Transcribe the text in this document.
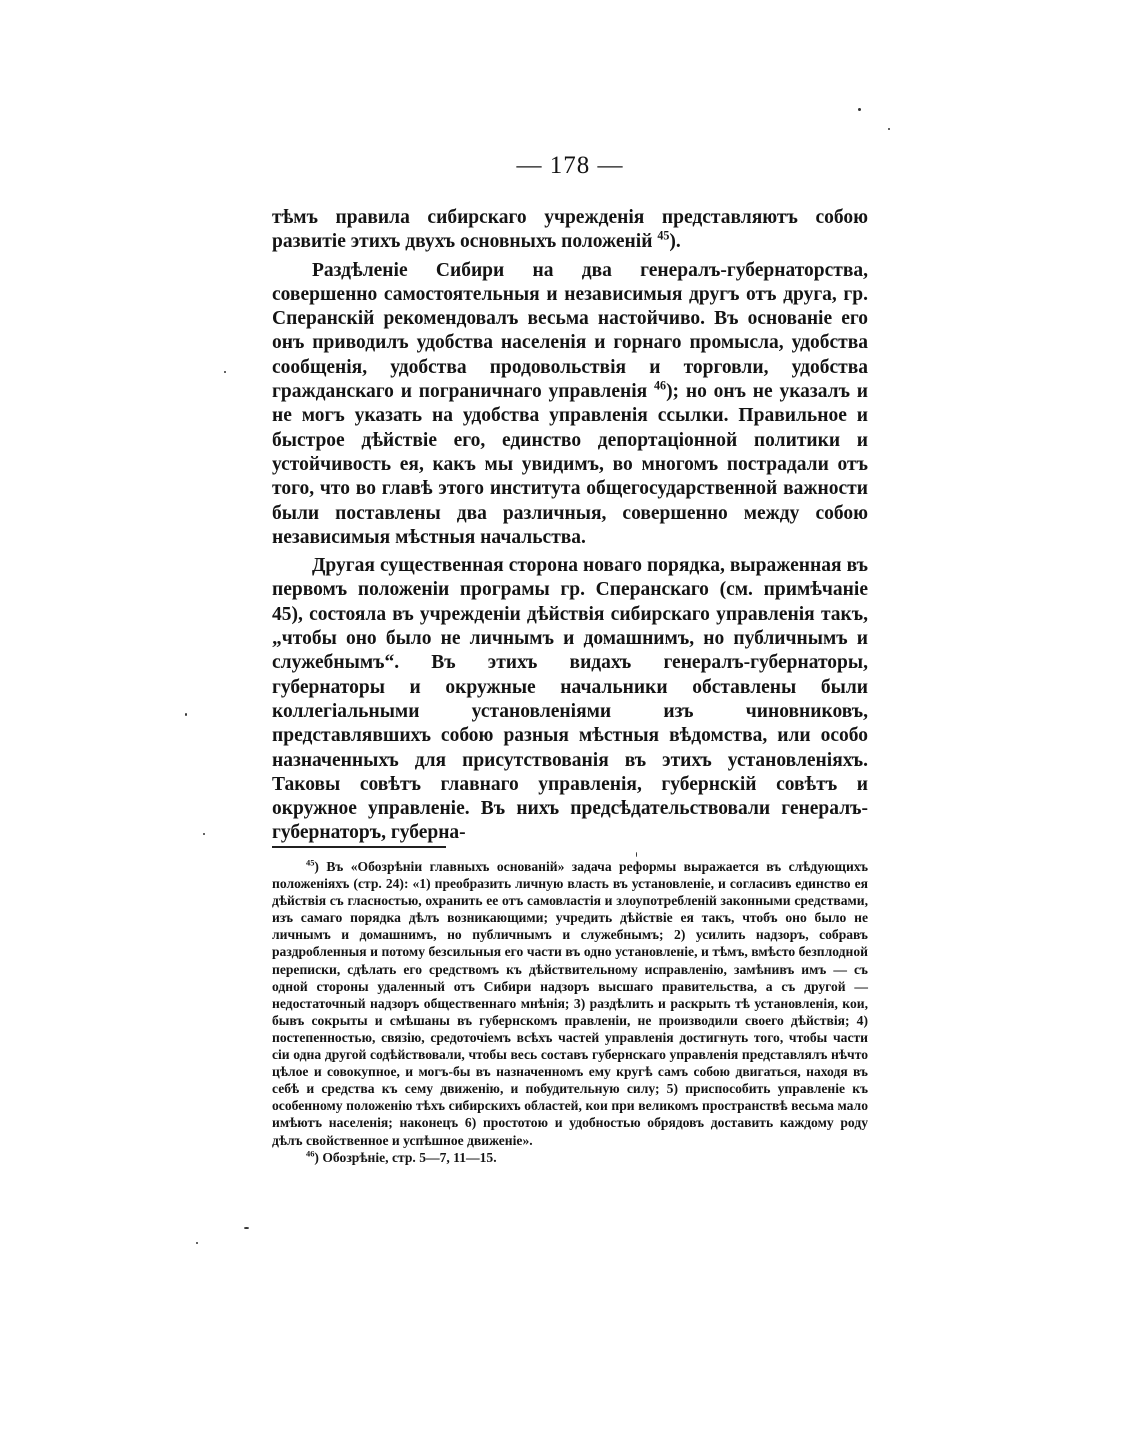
— 178 —

тѣмъ правила сибирскаго учрежденія представляютъ собою развитіе этихъ двухъ основныхъ положеній $^{45}$).

Раздѣленіе Сибири на два генералъ-губернаторства, совершенно самостоятельныя и независимыя другъ отъ друга, гр. Сперанскій рекомендовалъ весьма настойчиво. Въ основаніе его онъ приводилъ удобства населенія и горнаго промысла, удобства сообщенія, удобства продовольствія и торговли, удобства гражданскаго и пограничнаго управленія $^{46}$); но онъ не указалъ и не могъ указать на удобства управленія ссылки. Правильное и быстрое дѣйствіе его, единство депортаціонной политики и устойчивость ея, какъ мы увидимъ, во многомъ пострадали отъ того, что во главѣ этого института общегосударственной важности были поставлены два различныя, совершенно между собою независимыя мѣстныя начальства.

Другая существенная сторона новаго порядка, выраженная въ первомъ положеніи програмы гр. Сперанскаго (см. примѣчаніе 45), состояла въ учрежденіи дѣйствія сибирскаго управленія такъ, „чтобы оно было не личнымъ и домашнимъ, но публичнымъ и служебнымъ“. Въ этихъ видахъ генералъ-губернаторы, губернаторы и окружные начальники обставлены были коллегіальными установленіями изъ чиновниковъ, представлявшихъ собою разныя мѣстныя вѣдомства, или особо назначенныхъ для присутствованія въ этихъ установленіяхъ. Таковы совѣтъ главнаго управленія, губернскій совѣтъ и окружное управленіе. Въ нихъ предсѣдательствовали генералъ-губернаторъ, губерна-

$^{45}$) Въ «Обозрѣніи главныхъ основаній» задача реформы выражается въ слѣдующихъ положеніяхъ (стр. 24): «1) преобразить личную власть въ установленіе, и согласивъ единство ея дѣйствія съ гласностью, охранить ее отъ самовластія и злоупотребленій законными средствами, изъ самаго порядка дѣлъ возникающими; учредить дѣйствіе ея такъ, чтобъ оно было не личнымъ и домашнимъ, но публичнымъ и служебнымъ; 2) усилить надзоръ, собравъ раздробленныя и потому безсильныя его части въ одно установленіе, и тѣмъ, вмѣсто безплодной переписки, сдѣлать его средствомъ къ дѣйствительному исправленію, замѣнивъ имъ — съ одной стороны удаленный отъ Сибири надзоръ высшаго правительства, а съ другой — недостаточный надзоръ общественнаго мнѣнія; 3) раздѣлить и раскрыть тѣ установленія, кои, бывъ сокрыты и смѣшаны въ губернскомъ правленіи, не производили своего дѣйствія; 4) постепенностью, связію, средоточіемъ всѣхъ частей управленія достигнуть того, чтобы части сіи одна другой содѣйствовали, чтобы весь составъ губернскаго управленія представлялъ нѣчто цѣлое и совокупное, и могъ-бы въ назначенномъ ему кругѣ самъ собою двигаться, находя въ себѣ и средства къ сему движенію, и побудительную силу; 5) приспособить управленіе къ особенному положенію тѣхъ сибирскихъ областей, кои при великомъ пространствѣ весьма мало имѣютъ населенія; наконецъ 6) простотою и удобностью обрядовъ доставить каждому роду дѣлъ свойственное и успѣшное движеніе».

$^{46}$) Обозрѣніе, стр. 5—7, 11—15.
